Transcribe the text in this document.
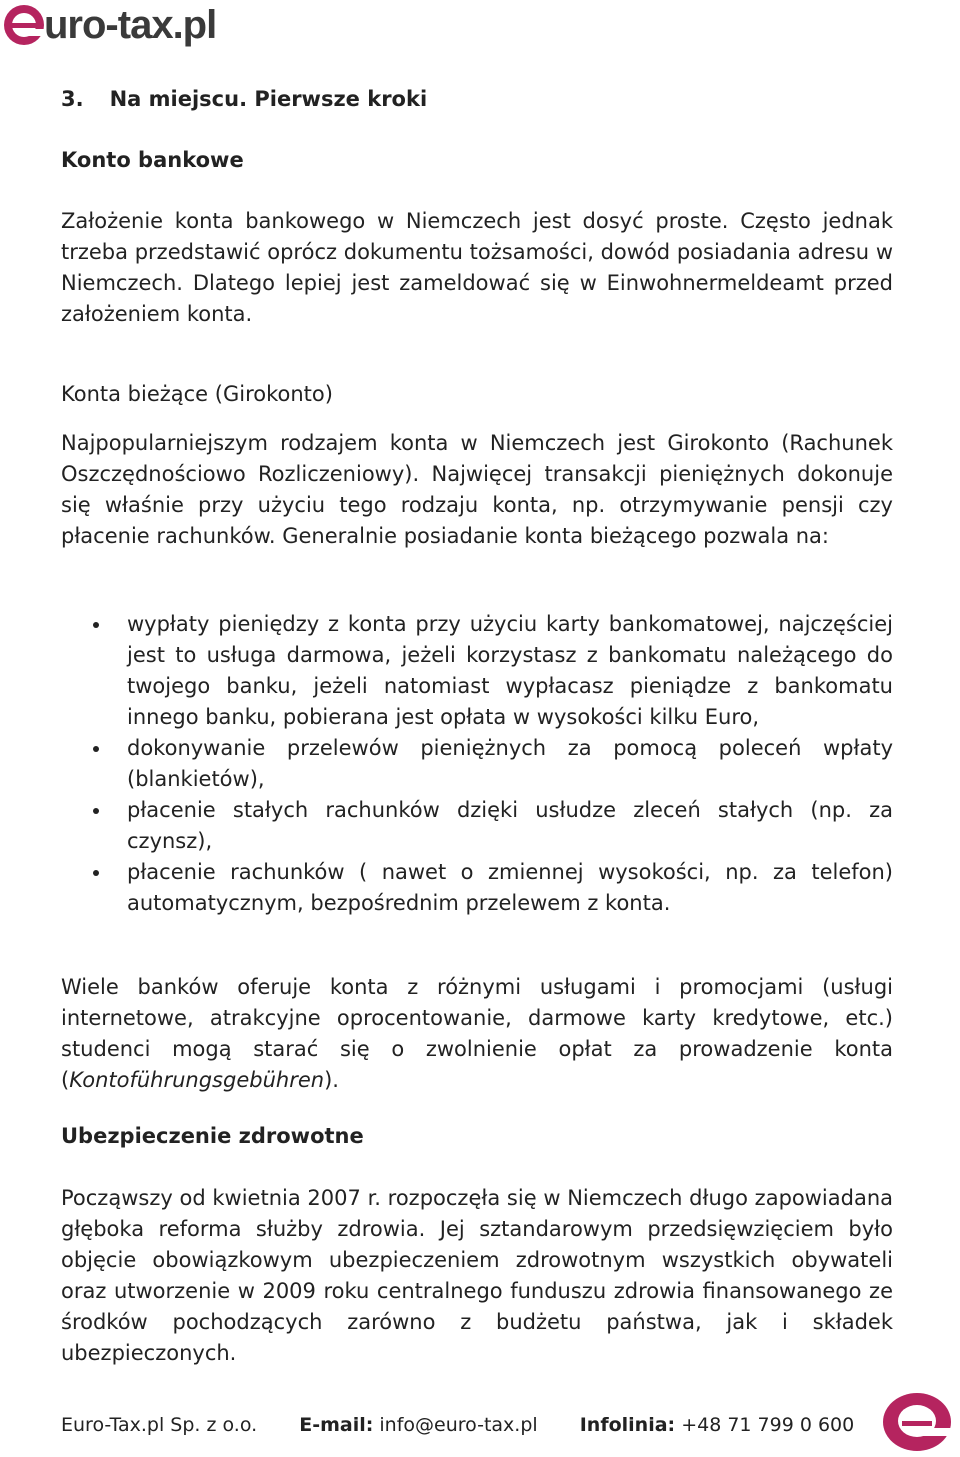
uro-tax.pl
3. Na miejscu. Pierwsze kroki
Konto bankowe

Założenie konta bankowego w Niemczech jest dosyć proste. Często jednak trzeba przedstawić oprócz dokumentu tożsamości, dowód posiadania adresu w Niemczech. Dlatego lepiej jest zameldować się w Einwohnermeldeamt przed założeniem konta.

Konta bieżące (Girokonto)

Najpopularniejszym rodzajem konta w Niemczech jest Girokonto (Rachunek Oszczędnościowo Rozliczeniowy). Najwięcej transakcji pieniężnych dokonuje się właśnie przy użyciu tego rodzaju konta, np. otrzymywanie pensji czy płacenie rachunków. Generalnie posiadanie konta bieżącego pozwala na:

wypłaty pieniędzy z konta przy użyciu karty bankomatowej, najczęściej jest to usługa darmowa, jeżeli korzystasz z bankomatu należącego do twojego banku, jeżeli natomiast wypłacasz pieniądze z bankomatu innego banku, pobierana jest opłata w wysokości kilku Euro,
dokonywanie przelewów pieniężnych za pomocą poleceń wpłaty (blankietów),
płacenie stałych rachunków dzięki usłudze zleceń stałych (np. za czynsz),
płacenie rachunków ( nawet o zmiennej wysokości, np. za telefon) automatycznym, bezpośrednim przelewem z konta.

Wiele banków oferuje konta z różnymi usługami i promocjami (usługi internetowe, atrakcyjne oprocentowanie, darmowe karty kredytowe, etc.) studenci mogą starać się o zwolnienie opłat za prowadzenie konta (Kontoführungsgebühren).

Ubezpieczenie zdrowotne

Począwszy od kwietnia 2007 r. rozpoczęła się w Niemczech długo zapowiadana głęboka reforma służby zdrowia. Jej sztandarowym przedsięwzięciem było objęcie obowiązkowym ubezpieczeniem zdrowotnym wszystkich obywateli oraz utworzenie w 2009 roku centralnego funduszu zdrowia finansowanego ze środków pochodzących zarówno z budżetu państwa, jak i składek ubezpieczonych.

Euro-Tax.pl Sp. z o.o. E-mail: info@euro-tax.pl Infolinia: +48 71 799 0 600
